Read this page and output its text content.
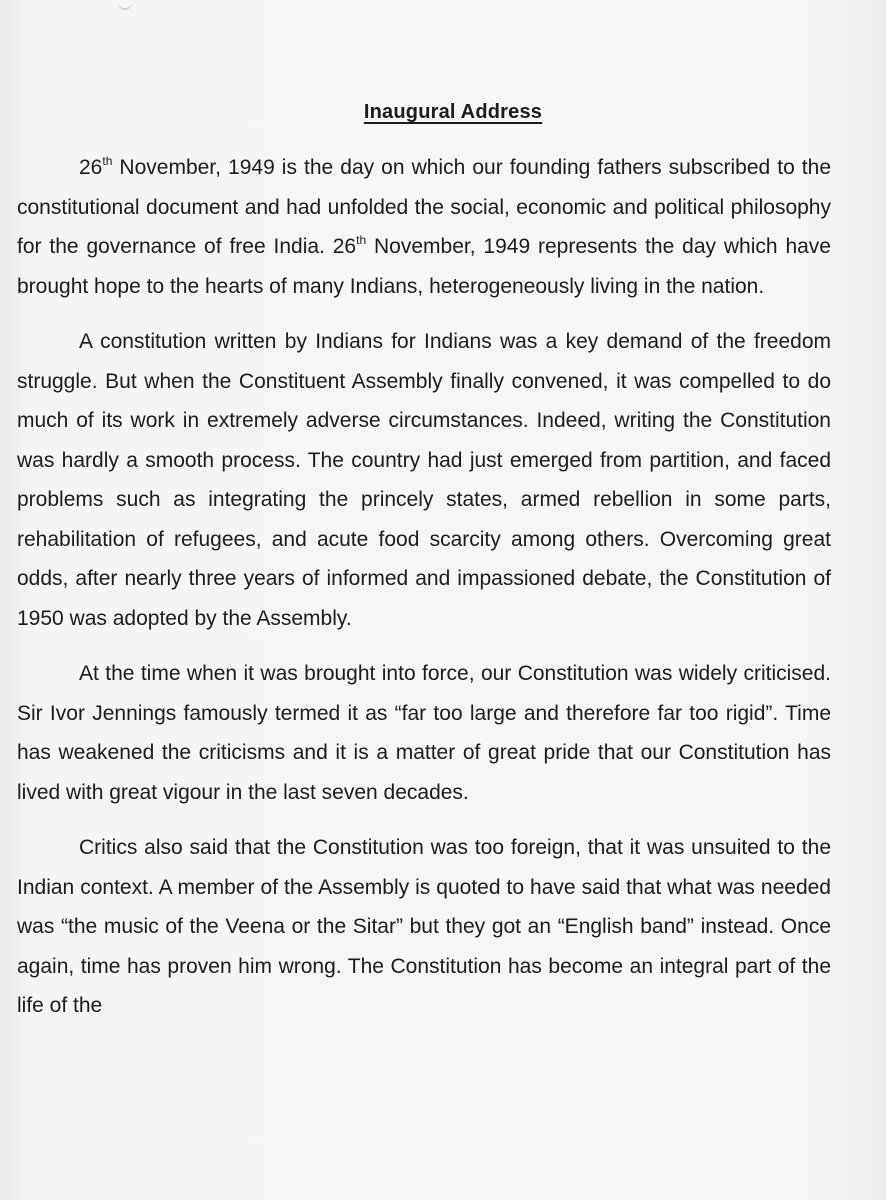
Inaugural Address

26th November, 1949 is the day on which our founding fathers subscribed to the constitutional document and had unfolded the social, economic and political philosophy for the governance of free India. 26th November, 1949 represents the day which have brought hope to the hearts of many Indians, heterogeneously living in the nation.

A constitution written by Indians for Indians was a key demand of the freedom struggle. But when the Constituent Assembly finally convened, it was compelled to do much of its work in extremely adverse circumstances. Indeed, writing the Constitution was hardly a smooth process. The country had just emerged from partition, and faced problems such as integrating the princely states, armed rebellion in some parts, rehabilitation of refugees, and acute food scarcity among others. Overcoming great odds, after nearly three years of informed and impassioned debate, the Constitution of 1950 was adopted by the Assembly.

At the time when it was brought into force, our Constitution was widely criticised. Sir Ivor Jennings famously termed it as “far too large and therefore far too rigid”. Time has weakened the criticisms and it is a matter of great pride that our Constitution has lived with great vigour in the last seven decades.

Critics also said that the Constitution was too foreign, that it was unsuited to the Indian context. A member of the Assembly is quoted to have said that what was needed was “the music of the Veena or the Sitar” but they got an “English band” instead. Once again, time has proven him wrong. The Constitution has become an integral part of the life of the
